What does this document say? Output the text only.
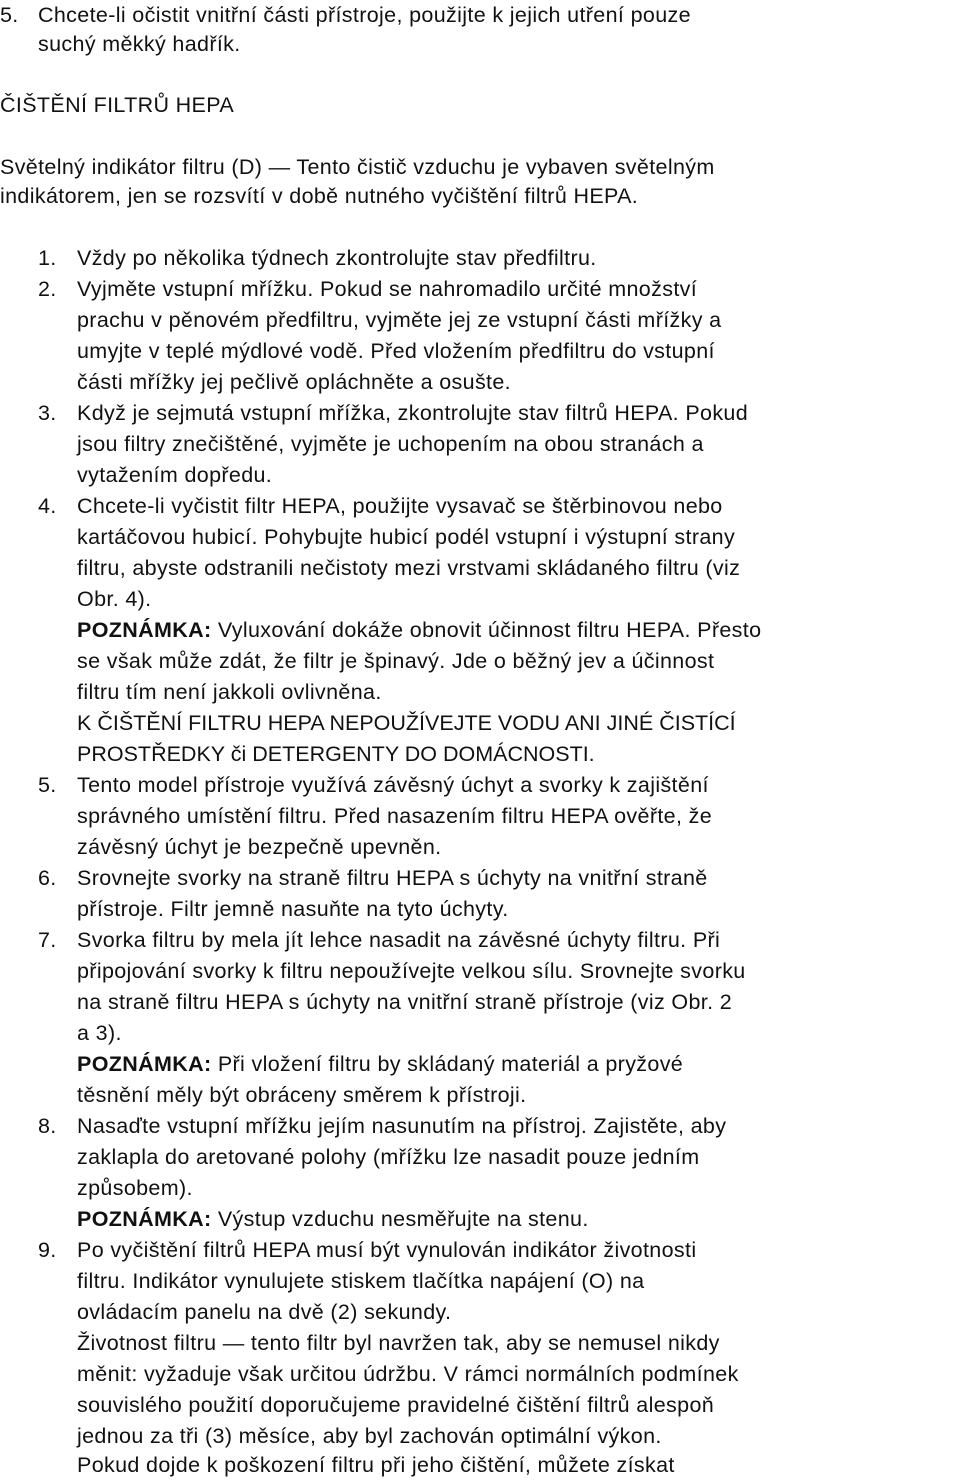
5. Chcete-li očistit vnitřní části přístroje, použijte k jejich utření pouze
suchý měkký hadřík.
ČIŠTĚNÍ FILTRŮ HEPA
Světelný indikátor filtru (D) — Tento čistič vzduchu je vybaven světelným
indikátorem, jen se rozsvítí v době nutného vyčištění filtrů HEPA.
1. Vždy po několika týdnech zkontrolujte stav předfiltru.
2. Vyjměte vstupní mřížku. Pokud se nahromadilo určité množství
prachu v pěnovém předfiltru, vyjměte jej ze vstupní části mřížky a
umyjte v teplé mýdlové vodě. Před vložením předfiltru do vstupní
části mřížky jej pečlivě opláchněte a osušte.
3. Když je sejmutá vstupní mřížka, zkontrolujte stav filtrů HEPA. Pokud
jsou filtry znečištěné, vyjměte je uchopením na obou stranách a
vytažením dopředu.
4. Chcete-li vyčistit filtr HEPA, použijte vysavač se štěrbinovou nebo
kartáčovou hubicí. Pohybujte hubicí podél vstupní i výstupní strany
filtru, abyste odstranili nečistoty mezi vrstvami skládaného filtru (viz
Obr. 4).
POZNÁMKA: Vyluxování dokáže obnovit účinnost filtru HEPA. Přesto
se však může zdát, že filtr je špinavý. Jde o běžný jev a účinnost
filtru tím není jakkoli ovlivněna.
K ČIŠTĚNÍ FILTRU HEPA NEPOUŽÍVEJTE VODU ANI JINÉ ČISTÍCÍ
PROSTŘEDKY či DETERGENTY DO DOMÁCNOSTI.
5. Tento model přístroje využívá závěsný úchyt a svorky k zajištění
správného umístění filtru. Před nasazením filtru HEPA ověřte, že
závěsný úchyt je bezpečně upevněn.
6. Srovnejte svorky na straně filtru HEPA s úchyty na vnitřní straně
přístroje. Filtr jemně nasuňte na tyto úchyty.
7. Svorka filtru by mela jít lehce nasadit na závěsné úchyty filtru. Při
připojování svorky k filtru nepoužívejte velkou sílu. Srovnejte svorku
na straně filtru HEPA s úchyty na vnitřní straně přístroje (viz Obr. 2
a 3).
POZNÁMKA: Při vložení filtru by skládaný materiál a pryžové
těsnění měly být obráceny směrem k přístroji.
8. Nasaďte vstupní mřížku jejím nasunutím na přístroj. Zajistěte, aby
zaklapla do aretované polohy (mřížku lze nasadit pouze jedním
způsobem).
POZNÁMKA: Výstup vzduchu nesměřujte na stenu.
9. Po vyčištění filtrů HEPA musí být vynulován indikátor životnosti
filtru. Indikátor vynulujete stiskem tlačítka napájení (O) na
ovládacím panelu na dvě (2) sekundy.
Životnost filtru — tento filtr byl navržen tak, aby se nemusel nikdy
měnit: vyžaduje však určitou údržbu. V rámci normálních podmínek
souvislého použití doporučujeme pravidelné čištění filtrů alespoň
jednou za tři (3) měsíce, aby byl zachován optimální výkon.
Pokud dojde k poškození filtru při jeho čištění, můžete získat
